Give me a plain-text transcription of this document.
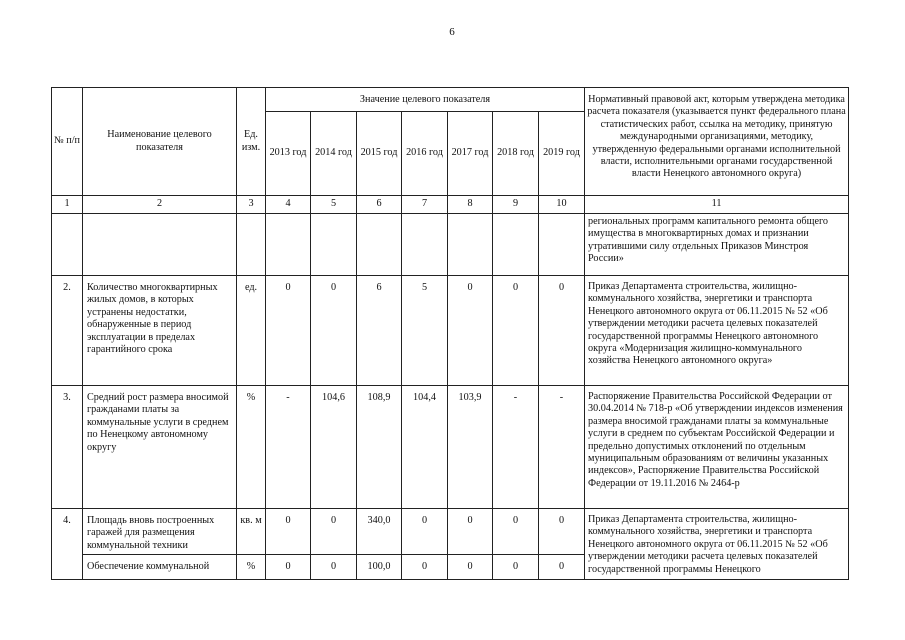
6
№ п/п	Наименование целевого показателя	Ед. изм.	Значение целевого показателя							Нормативный правовой акт, которым утверждена методика расчета показателя (указывается пункт федерального плана статистических работ, ссылка на методику, принятую международными организациями, методику, утвержденную федеральными органами исполнительной власти, исполнительными органами государственной власти Ненецкого автономного округа)
			2013 год	2014 год	2015 год	2016 год	2017 год	2018 год	2019 год	
1	2	3	4	5	6	7	8	9	10	11
										региональных программ капитального ремонта общего имущества в многоквартирных домах и признании утратившими силу отдельных Приказов Минстроя России»
2.	Количество многоквартирных жилых домов, в которых устранены недостатки, обнаруженные в период эксплуатации в пределах гарантийного срока	ед.	0	0	6	5	0	0	0	Приказ Департамента строительства, жилищно-коммунального хозяйства, энергетики и транспорта Ненецкого автономного округа от 06.11.2015 № 52 «Об утверждении методики расчета целевых показателей государственной программы Ненецкого автономного округа «Модернизация жилищно-коммунального хозяйства Ненецкого автономного округа»
3.	Средний рост размера вносимой гражданами платы за коммунальные услуги в среднем по Ненецкому автономному округу	%	-	104,6	108,9	104,4	103,9	-	-	Распоряжение Правительства Российской Федерации от 30.04.2014 № 718-р «Об утверждении индексов изменения размера вносимой гражданами платы за коммунальные услуги в среднем по субъектам Российской Федерации и предельно допустимых отклонений по отдельным муниципальным образованиям от величины указанных индексов», Распоряжение Правительства Российской Федерации от 19.11.2016 № 2464-р
4.	Площадь вновь построенных гаражей для размещения коммунальной техники	кв. м	0	0	340,0	0	0	0	0	Приказ Департамента строительства, жилищно-коммунального хозяйства, энергетики и транспорта Ненецкого автономного округа от 06.11.2015 № 52 «Об утверждении методики расчета целевых показателей государственной программы Ненецкого
	Обеспечение коммунальной	%	0	0	100,0	0	0	0	0	
